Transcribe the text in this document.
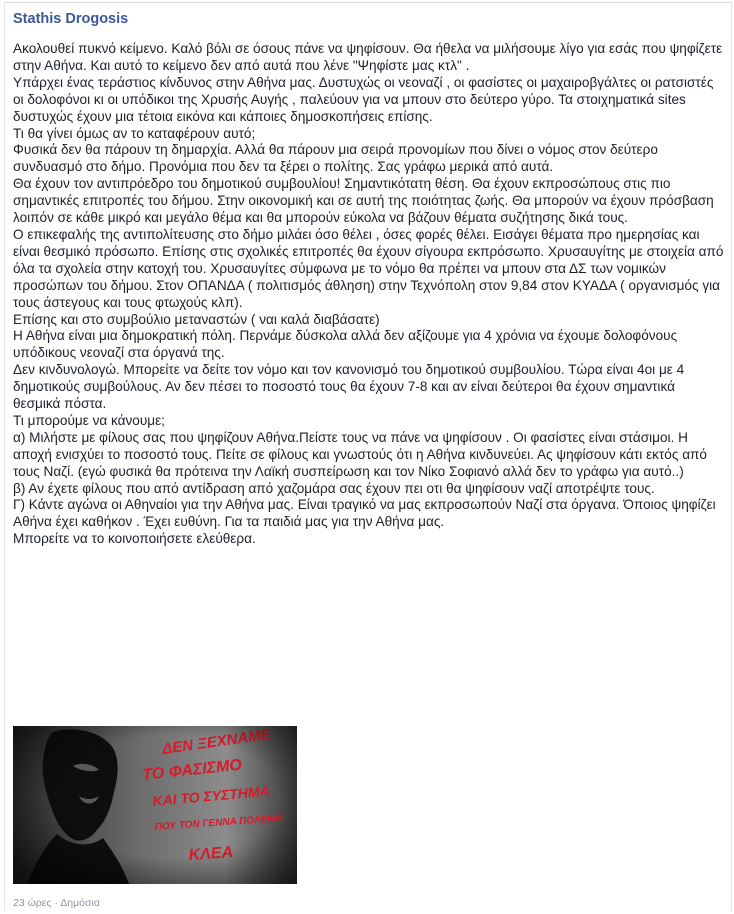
Stathis Drogosis

Ακολουθεί πυκνό κείμενο. Καλό βόλι σε όσους πάνε να ψηφίσουν. Θα ήθελα να μιλήσουμε λίγο για εσάς που ψηφίζετε στην Αθήνα. Και αυτό το κείμενο δεν από αυτά που λένε "Ψηφίστε μας κτλ" .

Υπάρχει ένας τεράστιος κίνδυνος στην Αθήνα μας. Δυστυχώς οι νεοναζί , οι φασίστες οι μαχαιροβγάλτες οι ρατσιστές οι δολοφόνοι κι οι υπόδικοι της Χρυσής Αυγής , παλεύουν για να μπουν στο δεύτερο γύρο. Τα στοιχηματικά sites δυστυχώς έχουν μια τέτοια εικόνα και κάποιες δημοσκοπήσεις επίσης.

Τι θα γίνει όμως αν το καταφέρουν αυτό;

Φυσικά δεν θα πάρουν τη δημαρχία. Αλλά θα πάρουν μια σειρά προνομίων που δίνει ο νόμος στον δεύτερο συνδυασμό στο δήμο. Προνόμια που δεν τα ξέρει ο πολίτης. Σας γράφω μερικά από αυτά.

Θα έχουν τον αντιπρόεδρο του δημοτικού συμβουλίου! Σημαντικότατη θέση. Θα έχουν εκπροσώπους στις πιο σημαντικές επιτροπές του δήμου. Στην οικονομική και σε αυτή της ποιότητας ζωής. Θα μπορούν να έχουν πρόσβαση λοιπόν σε κάθε μικρό και μεγάλο θέμα και θα μπορούν εύκολα να βάζουν θέματα συζήτησης δικά τους.

Ο επικεφαλής της αντιπολίτευσης στο δήμο μιλάει όσο θέλει , όσες φορές θέλει. Εισάγει θέματα προ ημερησίας και είναι θεσμικό πρόσωπο. Επίσης στις σχολικές επιτροπές θα έχουν σίγουρα εκπρόσωπο. Χρυσαυγίτης με στοιχεία από όλα τα σχολεία στην κατοχή του. Χρυσαυγίτες σύμφωνα με το νόμο θα πρέπει να μπουν στα ΔΣ των νομικών προσώπων του δήμου. Στον ΟΠΑΝΔΑ ( πολιτισμός άθληση) στην Τεχνόπολη στον 9,84 στον ΚΥΑΔΑ ( οργανισμός για τους άστεγους και τους φτωχούς κλπ).

Επίσης και στο συμβούλιο μεταναστών ( ναι καλά διαβάσατε)

Η Αθήνα είναι μια δημοκρατική πόλη. Περνάμε δύσκολα αλλά δεν αξίζουμε για 4 χρόνια να έχουμε δολοφόνους υπόδικους νεοναζί στα όργανά της.

Δεν κινδυνολογώ. Μπορείτε να δείτε τον νόμο και τον κανονισμό του δημοτικού συμβουλίου. Τώρα είναι 4οι με 4 δημοτικούς συμβούλους. Αν δεν πέσει το ποσοστό τους θα έχουν 7-8 και αν είναι δεύτεροι θα έχουν σημαντικά θεσμικά πόστα.

Τι μπορούμε να κάνουμε;

α) Μιλήστε με φίλους σας που ψηφίζουν Αθήνα.Πείστε τους να πάνε να ψηφίσουν . Οι φασίστες είναι στάσιμοι. Η αποχή ενισχύει το ποσοστό τους. Πείτε σε φίλους και γνωστούς ότι η Αθήνα κινδυνεύει. Ας ψηφίσουν κάτι εκτός από τους Ναζί. (εγώ φυσικά θα πρότεινα την Λαϊκή συσπείρωση και τον Νίκο Σοφιανό αλλά δεν το γράφω για αυτό..)

β) Αν έχετε φίλους που από αντίδραση από χαζομάρα σας έχουν πει οτι θα ψηφίσουν ναζί αποτρέψτε τους.

Γ) Κάντε αγώνα οι Αθηναίοι για την Αθήνα μας. Είναι τραγικό να μας εκπροσωπούν Ναζί στα όργανα. Όποιος ψηφίζει Αθήνα έχει καθήκον . Έχει ευθύνη. Για τα παιδιά μας για την Αθήνα μας.

Μπορείτε να το κοινοποιήσετε ελεύθερα.

23 ώρες · Δημόσια
